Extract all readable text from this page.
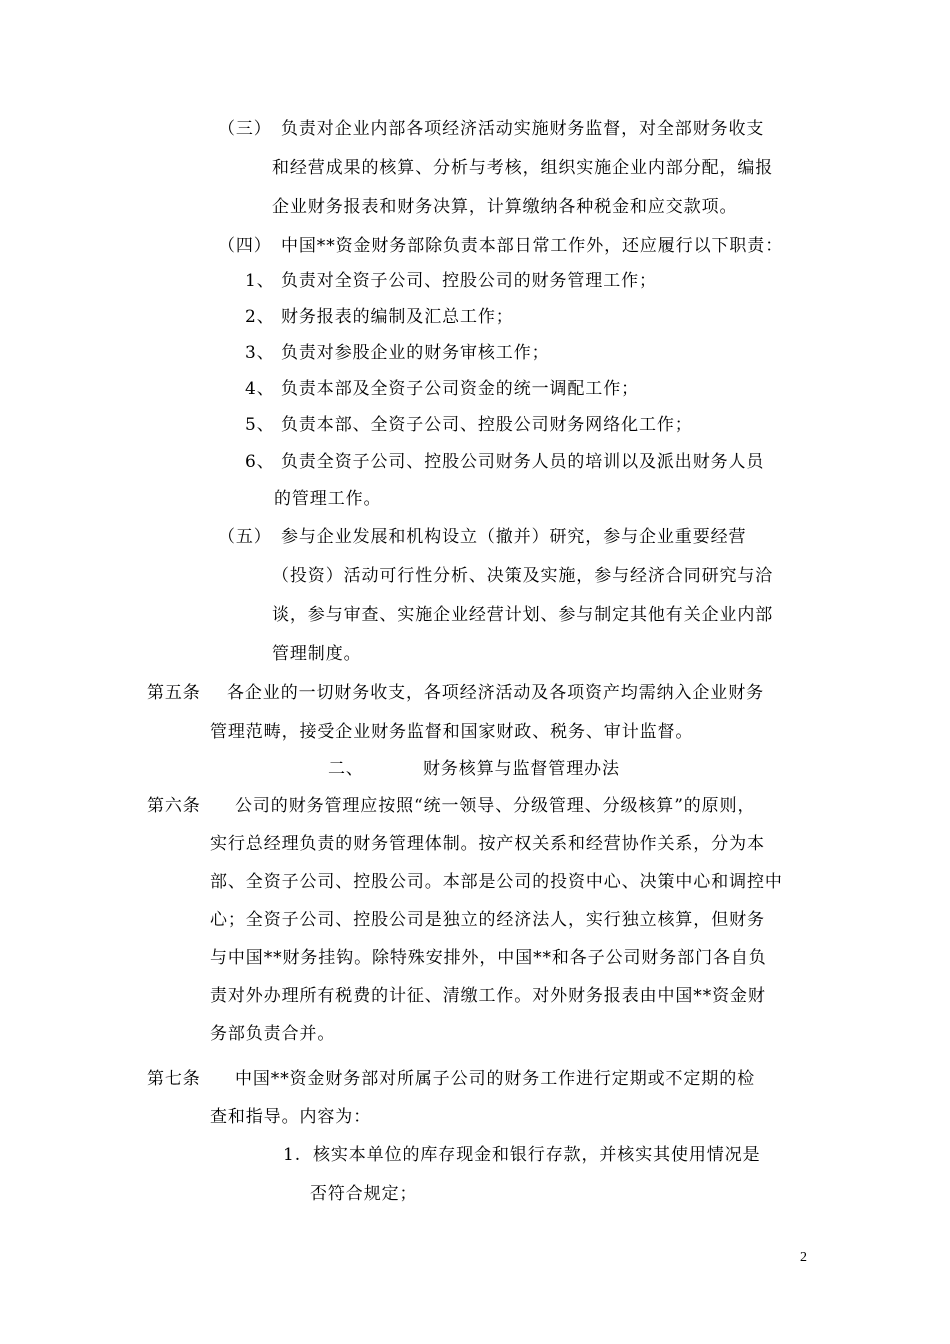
（三） 负责对企业内部各项经济活动实施财务监督，对全部财务收支
和经营成果的核算、分析与考核，组织实施企业内部分配，编报
企业财务报表和财务决算，计算缴纳各种税金和应交款项。
（四） 中国**资金财务部除负责本部日常工作外，还应履行以下职责：
1、 负责对全资子公司、控股公司的财务管理工作；
2、 财务报表的编制及汇总工作；
3、 负责对参股企业的财务审核工作；
4、 负责本部及全资子公司资金的统一调配工作；
5、 负责本部、全资子公司、控股公司财务网络化工作；
6、 负责全资子公司、控股公司财务人员的培训以及派出财务人员
的管理工作。
（五） 参与企业发展和机构设立（撤并）研究，参与企业重要经营
（投资）活动可行性分析、决策及实施，参与经济合同研究与洽
谈，参与审查、实施企业经营计划、参与制定其他有关企业内部
管理制度。
第五条 各企业的一切财务收支，各项经济活动及各项资产均需纳入企业财务
管理范畴，接受企业财务监督和国家财政、税务、审计监督。
二、	财务核算与监督管理办法
第六条 公司的财务管理应按照“统一领导、分级管理、分级核算”的原则，
实行总经理负责的财务管理体制。按产权关系和经营协作关系，分为本
部、全资子公司、控股公司。本部是公司的投资中心、决策中心和调控中
心；全资子公司、控股公司是独立的经济法人，实行独立核算，但财务
与中国**财务挂钩。除特殊安排外，中国**和各子公司财务部门各自负
责对外办理所有税费的计征、清缴工作。对外财务报表由中国**资金财
务部负责合并。
第七条 中国**资金财务部对所属子公司的财务工作进行定期或不定期的检
查和指导。内容为：
1. 核实本单位的库存现金和银行存款，并核实其使用情况是
否符合规定；
2
